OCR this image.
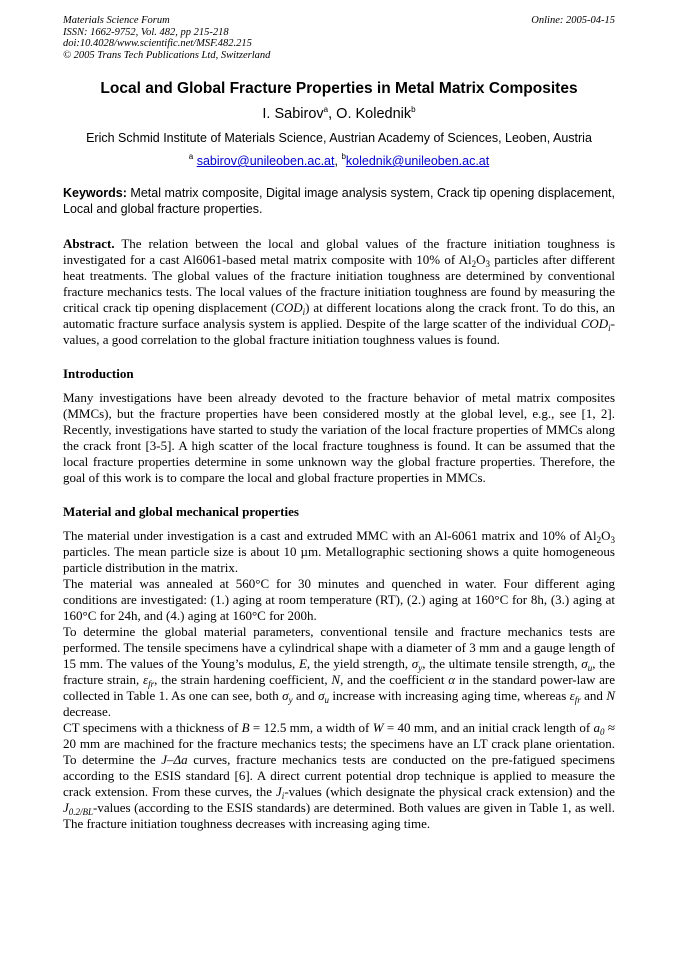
Materials Science Forum
ISSN: 1662-9752, Vol. 482, pp 215-218
doi:10.4028/www.scientific.net/MSF.482.215
© 2005 Trans Tech Publications Ltd, Switzerland
Online: 2005-04-15
Local and Global Fracture Properties in Metal Matrix Composites
I. Sabirov$^a$, O. Kolednik$^b$
Erich Schmid Institute of Materials Science, Austrian Academy of Sciences, Leoben, Austria
$^a$ sabirov@unileoben.ac.at, $^b$kolednik@unileoben.ac.at
Keywords: Metal matrix composite, Digital image analysis system, Crack tip opening displacement, Local and global fracture properties.

Abstract. The relation between the local and global values of the fracture initiation toughness is investigated for a cast Al6061-based metal matrix composite with 10% of $Al_2O_3$ particles after different heat treatments. The global values of the fracture initiation toughness are determined by conventional fracture mechanics tests. The local values of the fracture initiation toughness are found by measuring the critical crack tip opening displacement $(COD_i)$ at different locations along the crack front. To do this, an automatic fracture surface analysis system is applied. Despite of the large scatter of the individual $COD_i$-values, a good correlation to the global fracture initiation toughness values is found.

Introduction

Many investigations have been already devoted to the fracture behavior of metal matrix composites (MMCs), but the fracture properties have been considered mostly at the global level, e.g., see [1, 2]. Recently, investigations have started to study the variation of the local fracture properties of MMCs along the crack front [3-5]. A high scatter of the local fracture toughness is found. It can be assumed that the local fracture properties determine in some unknown way the global fracture properties. Therefore, the goal of this work is to compare the local and global fracture properties in MMCs.

Material and global mechanical properties

The material under investigation is a cast and extruded MMC with an Al-6061 matrix and 10% of $Al_2O_3$ particles. The mean particle size is about 10 µm. Metallographic sectioning shows a quite homogeneous particle distribution in the matrix.

The material was annealed at 560°C for 30 minutes and quenched in water. Four different aging conditions are investigated: (1.) aging at room temperature (RT), (2.) aging at 160°C for 8h, (3.) aging at 160°C for 24h, and (4.) aging at 160°C for 200h.

To determine the global material parameters, conventional tensile and fracture mechanics tests are performed. The tensile specimens have a cylindrical shape with a diameter of 3 mm and a gauge length of 15 mm. The values of the Young’s modulus, E, the yield strength, $\sigma_y$, the ultimate tensile strength, $\sigma_u$, the fracture strain, $\varepsilon_{fr}$, the strain hardening coefficient, N, and the coefficient α in the standard power-law are collected in Table 1. As one can see, both $\sigma_y$ and $\sigma_u$ increase with increasing aging time, whereas $\varepsilon_{fr}$ and N decrease.

CT specimens with a thickness of B = 12.5 mm, a width of W = 40 mm, and an initial crack length of $a_0 \approx 20$ mm are machined for the fracture mechanics tests; the specimens have an LT crack plane orientation. To determine the J–Δa curves, fracture mechanics tests are conducted on the pre-fatigued specimens according to the ESIS standard [6]. A direct current potential drop technique is applied to measure the crack extension. From these curves, the $J_i$-values (which designate the physical crack extension) and the $J_{0.2/BL}$-values (according to the ESIS standards) are determined. Both values are given in Table 1, as well. The fracture initiation toughness decreases with increasing aging time.
